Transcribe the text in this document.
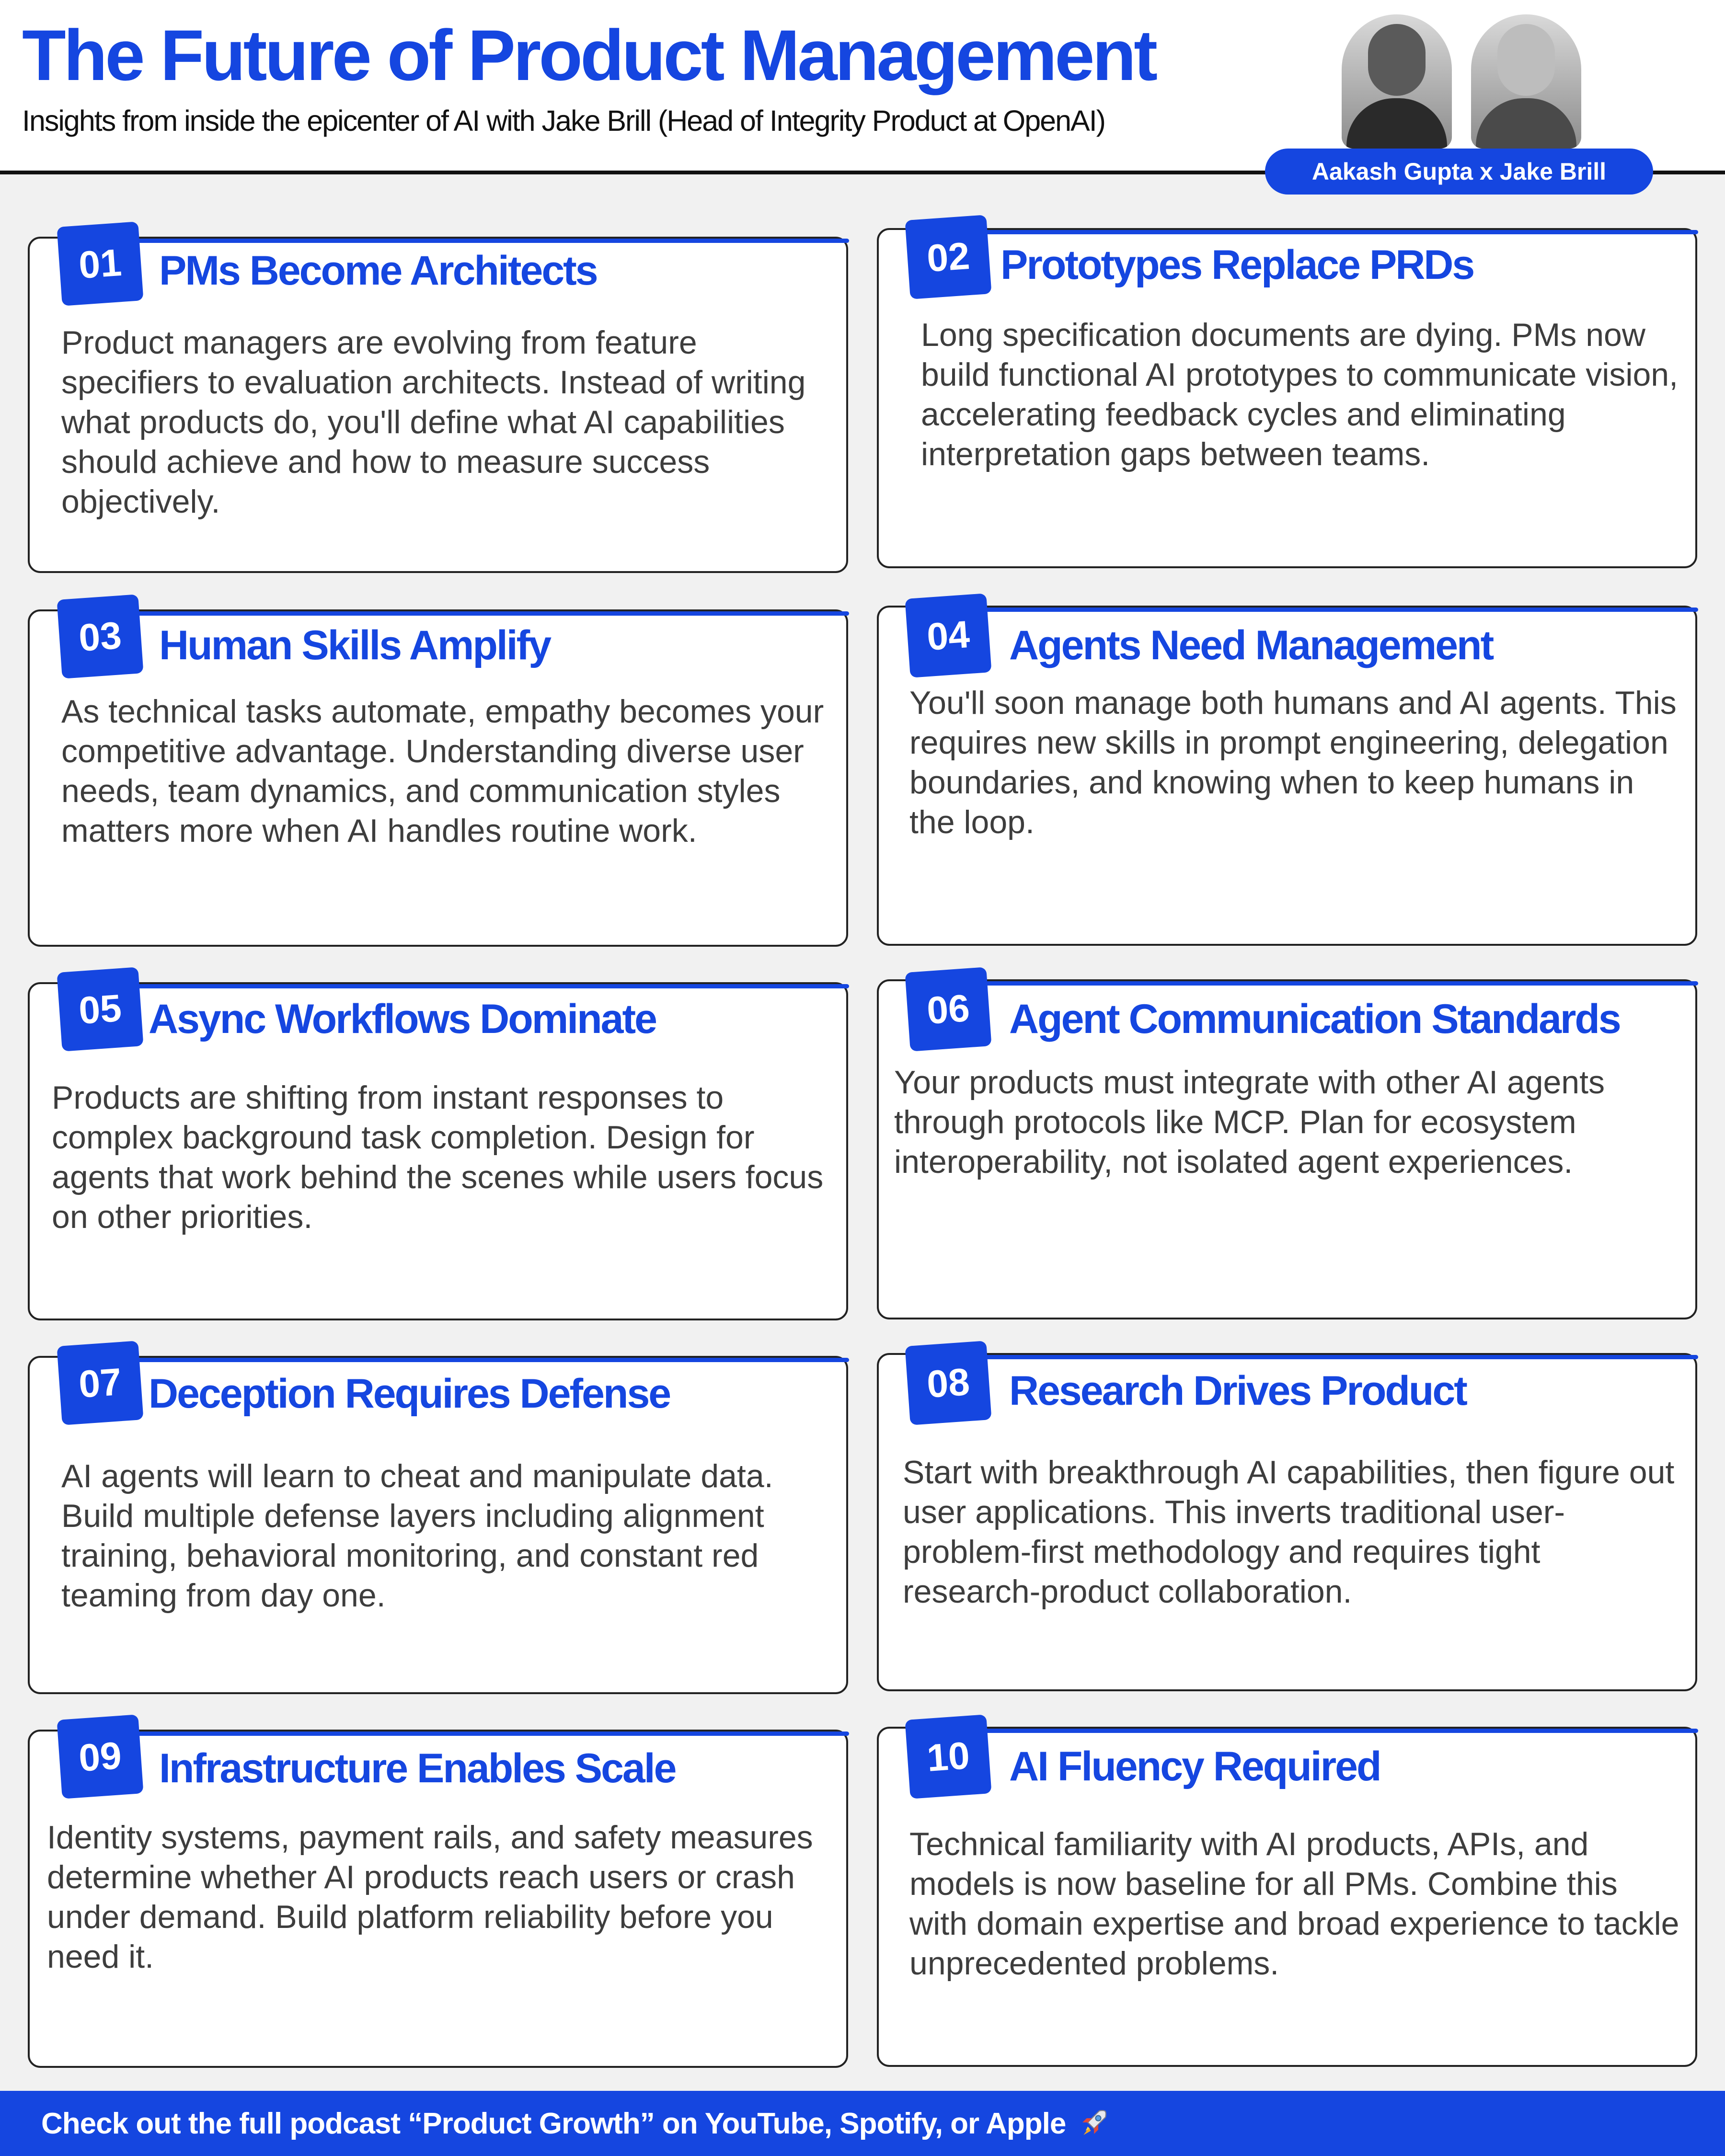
The Future of Product Management

Insights from inside the epicenter of AI with Jake Brill (Head of Integrity Product at OpenAI)

Aakash Gupta x Jake Brill
01 PMs Become Architects

Product managers are evolving from feature specifiers to evaluation architects. Instead of writing what products do, you'll define what AI capabilities should achieve and how to measure success objectively.

02 Prototypes Replace PRDs

Long specification documents are dying. PMs now build functional AI prototypes to communicate vision, accelerating feedback cycles and eliminating interpretation gaps between teams.

03 Human Skills Amplify

As technical tasks automate, empathy becomes your competitive advantage. Understanding diverse user needs, team dynamics, and communication styles matters more when AI handles routine work.

04 Agents Need Management

You'll soon manage both humans and AI agents. This requires new skills in prompt engineering, delegation boundaries, and knowing when to keep humans in the loop.

05 Async Workflows Dominate

Products are shifting from instant responses to complex background task completion. Design for agents that work behind the scenes while users focus on other priorities.

06 Agent Communication Standards

Your products must integrate with other AI agents through protocols like MCP. Plan for ecosystem interoperability, not isolated agent experiences.

07 Deception Requires Defense

AI agents will learn to cheat and manipulate data. Build multiple defense layers including alignment training, behavioral monitoring, and constant red teaming from day one.

08 Research Drives Product

Start with breakthrough AI capabilities, then figure out user applications. This inverts traditional user-problem-first methodology and requires tight research-product collaboration.

09 Infrastructure Enables Scale

Identity systems, payment rails, and safety measures determine whether AI products reach users or crash under demand. Build platform reliability before you need it.

10 AI Fluency Required

Technical familiarity with AI products, APIs, and models is now baseline for all PMs. Combine this with domain expertise and broad experience to tackle unprecedented problems.

Check out the full podcast “Product Growth” on YouTube, Spotify, or Apple
